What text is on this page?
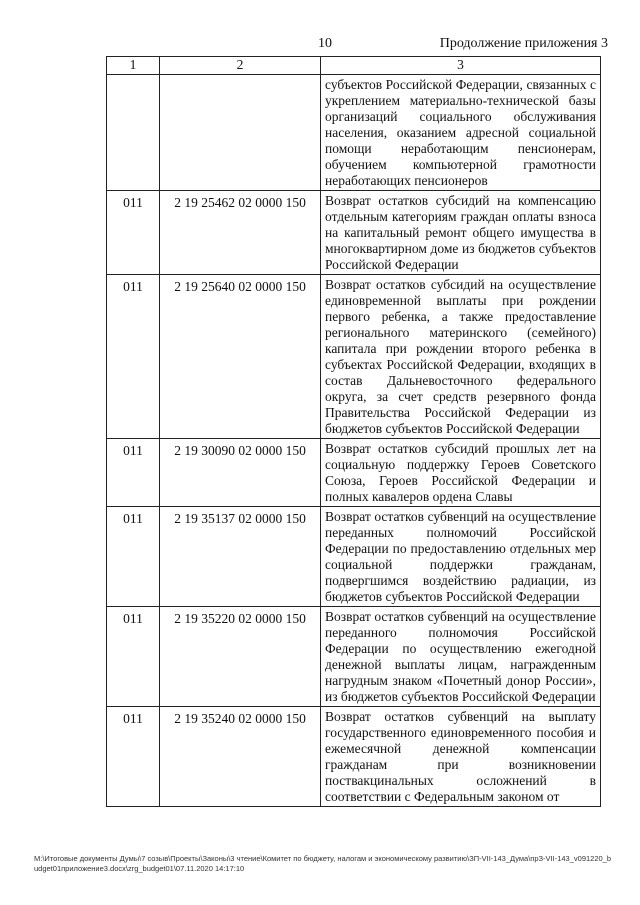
10	Продолжение приложения 3
1	2	3
		субъектов Российской Федерации, связанных с укреплением материально-технической базы организаций социального обслуживания населения, оказанием адресной социальной помощи неработающим пенсионерам, обучением компьютерной грамотности неработающих пенсионеров
011	2 19 25462 02 0000 150	Возврат остатков субсидий на компенсацию отдельным категориям граждан оплаты взноса на капитальный ремонт общего имущества в многоквартирном доме из бюджетов субъектов Российской Федерации
011	2 19 25640 02 0000 150	Возврат остатков субсидий на осуществление единовременной выплаты при рождении первого ребенка, а также предоставление регионального материнского (семейного) капитала при рождении второго ребенка в субъектах Российской Федерации, входящих в состав Дальневосточного федерального округа, за счет средств резервного фонда Правительства Российской Федерации из бюджетов субъектов Российской Федерации
011	2 19 30090 02 0000 150	Возврат остатков субсидий прошлых лет на социальную поддержку Героев Советского Союза, Героев Российской Федерации и полных кавалеров ордена Славы
011	2 19 35137 02 0000 150	Возврат остатков субвенций на осуществление переданных полномочий Российской Федерации по предоставлению отдельных мер социальной поддержки гражданам, подвергшимся воздействию радиации, из бюджетов субъектов Российской Федерации
011	2 19 35220 02 0000 150	Возврат остатков субвенций на осуществление переданного полномочия Российской Федерации по осуществлению ежегодной денежной выплаты лицам, награжденным нагрудным знаком «Почетный донор России», из бюджетов субъектов Российской Федерации
011	2 19 35240 02 0000 150	Возврат остатков субвенций на выплату государственного единовременного пособия и ежемесячной денежной компенсации гражданам при возникновении поствакцинальных осложнений в соответствии с Федеральным законом от
M:\Итоговые документы Думы\7 созыв\Проекты\Законы\3 чтение\Комитет по бюджету, налогам и экономическому развитию\ЗП-VII-143_Дума\прЗ-VII-143_v091220_budget01приложение3.docx\zrg_budget01\07.11.2020 14:17:10
